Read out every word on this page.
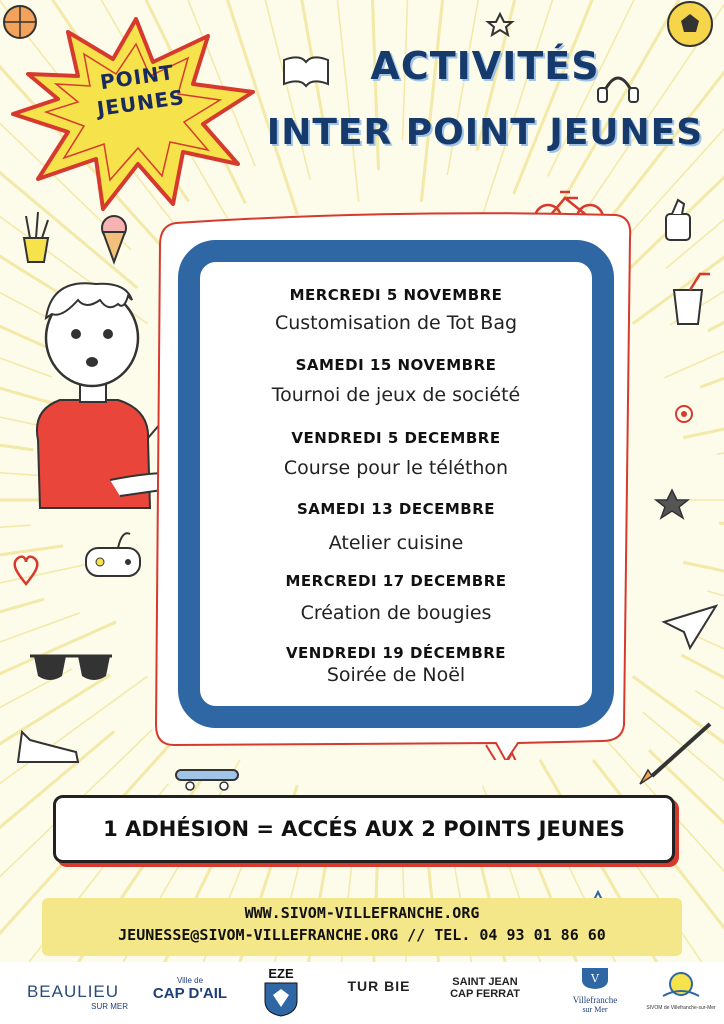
POINT
JEUNES
ACTIVITÉS
INTER POINT JEUNES
MERCREDI 5 NOVEMBRE
Customisation de Tot Bag
SAMEDI 15 NOVEMBRE
Tournoi de jeux de société
VENDREDI 5 DECEMBRE
Course pour le téléthon
SAMEDI 13 DECEMBRE
Atelier cuisine
MERCREDI 17 DECEMBRE
Création de bougies
VENDREDI 19 DÉCEMBRE
Soirée de Noël
1 ADHÉSION = ACCÉS AUX 2 POINTS JEUNES
WWW.SIVOM-VILLEFRANCHE.ORG
JEUNESSE@SIVOM-VILLEFRANCHE.ORG // TEL. 04 93 01 86 60
BEAULIEU
SUR MER
Ville de
CAP D'AIL
EZE
TUR BIE	SAINT JEAN
CAP FERRAT
V
Villefranche
sur Mer	SIVOM de Villefranche-sur-Mer
